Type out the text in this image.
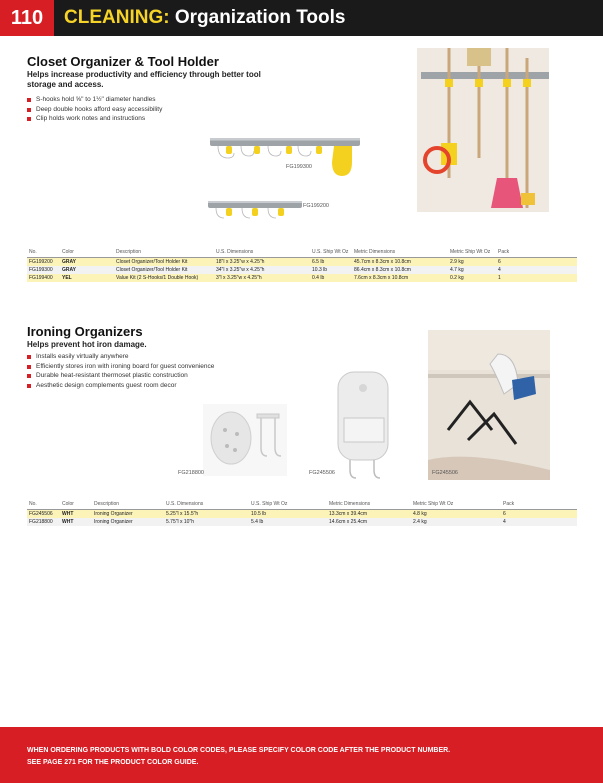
110	CLEANING: Organization Tools
Closet Organizer & Tool Holder
Helps increase productivity and efficiency through better tool storage and access.
S-hooks hold ⅝" to 1½" diameter handles
Deep double hooks afford easy accessibility
Clip holds work notes and instructions
FG199300
FG199200
No.	Color	Description	U.S. Dimensions	U.S. Ship Wt Oz	Metric Dimensions	Metric Ship Wt Oz	Pack
FG199200	GRAY	Closet Organizer/Tool Holder Kit	18"l x 3.25"w x 4.25"h	6.5 lb	45.7cm x 8.3cm x 10.8cm	2.9 kg	6
FG199300	GRAY	Closet Organizer/Tool Holder Kit	34"l x 3.25"w x 4.25"h	10.3 lb	86.4cm x 8.3cm x 10.8cm	4.7 kg	4
FG199400	YEL	Value Kit (2 S-Hooks/1 Double Hook)	3"l x 3.25"w x 4.25"h	0.4 lb	7.6cm x 8.3cm x 10.8cm	0.2 kg	1
Ironing Organizers
Helps prevent hot iron damage.
Installs easily virtually anywhere
Efficiently stores iron with ironing board for guest convenience
Durable heat-resistant thermoset plastic construction
Aesthetic design complements guest room decor
FG218800	FG245506	FG245506
No.	Color	Description	U.S. Dimensions	U.S. Ship Wt Oz	Metric Dimensions	Metric Ship Wt Oz	Pack
FG245506	WHT	Ironing Organizer	5.25"l x 15.5"h	10.5 lb	13.3cm x 39.4cm	4.8 kg	6
FG218800	WHT	Ironing Organizer	5.75"l x 10"h	5.4 lb	14.6cm x 25.4cm	2.4 kg	4
WHEN ORDERING PRODUCTS WITH BOLD COLOR CODES, PLEASE SPECIFY COLOR CODE AFTER THE PRODUCT NUMBER.
SEE PAGE 271 FOR THE PRODUCT COLOR GUIDE.
